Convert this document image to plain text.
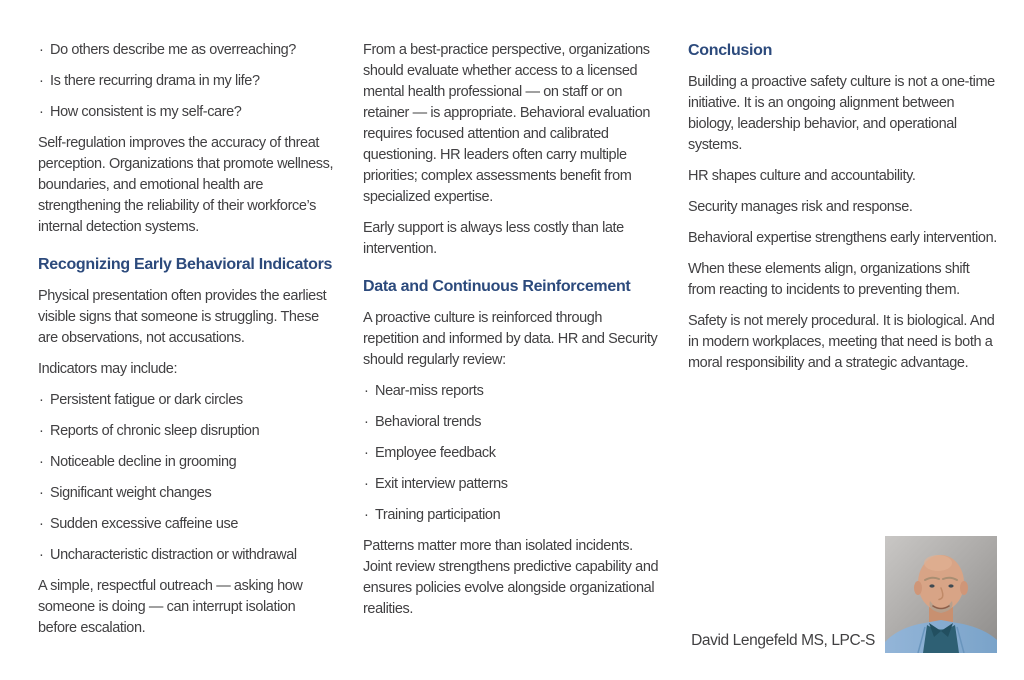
· Do others describe me as overreaching?
· Is there recurring drama in my life?
· How consistent is my self-care?

Self-regulation improves the accuracy of threat perception. Organizations that promote wellness, boundaries, and emotional health are strengthening the reliability of their workforce’s internal detection systems.

Recognizing Early Behavioral Indicators

Physical presentation often provides the earliest visible signs that someone is struggling. These are observations, not accusations.

Indicators may include:

· Persistent fatigue or dark circles
· Reports of chronic sleep disruption
· Noticeable decline in grooming
· Significant weight changes
· Sudden excessive caffeine use
· Uncharacteristic distraction or withdrawal

A simple, respectful outreach — asking how someone is doing — can interrupt isolation before escalation.

From a best-practice perspective, organizations should evaluate whether access to a licensed mental health professional — on staff or on retainer — is appropriate. Behavioral evaluation requires focused attention and calibrated questioning. HR leaders often carry multiple priorities; complex assessments benefit from specialized expertise.

Early support is always less costly than late intervention.

Data and Continuous Reinforcement

A proactive culture is reinforced through repetition and informed by data. HR and Security should regularly review:

· Near-miss reports
· Behavioral trends
· Employee feedback
· Exit interview patterns
· Training participation

Patterns matter more than isolated incidents. Joint review strengthens predictive capability and ensures policies evolve alongside organizational realities.

Conclusion

Building a proactive safety culture is not a one-time initiative. It is an ongoing alignment between biology, leadership behavior, and operational systems.

HR shapes culture and accountability.

Security manages risk and response.

Behavioral expertise strengthens early intervention.

When these elements align, organizations shift from reacting to incidents to preventing them.

Safety is not merely procedural. It is biological. And in modern workplaces, meeting that need is both a moral responsibility and a strategic advantage.

David Lengefeld MS, LPC-S
